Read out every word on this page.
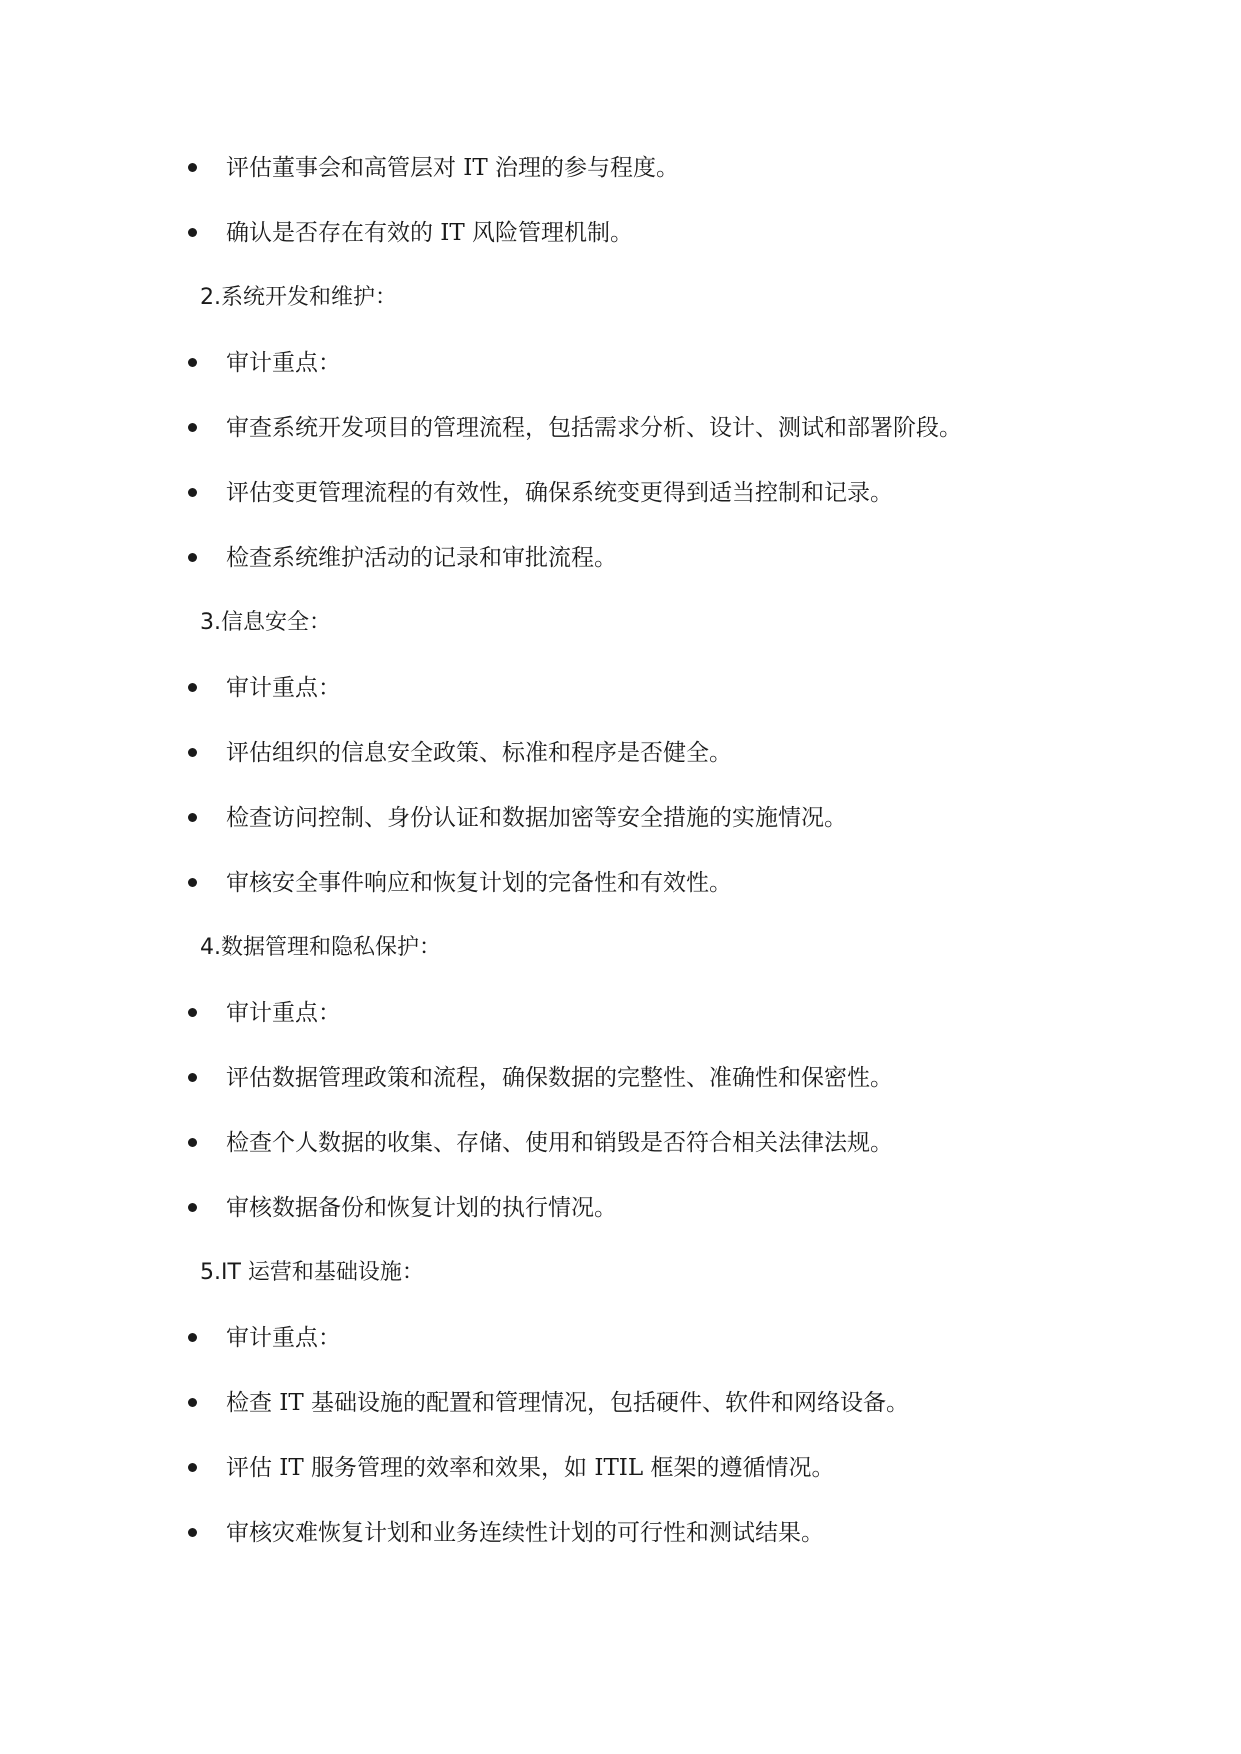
评估董事会和高管层对 IT 治理的参与程度。
确认是否存在有效的 IT 风险管理机制。
2.系统开发和维护：
审计重点：
审查系统开发项目的管理流程，包括需求分析、设计、测试和部署阶段。
评估变更管理流程的有效性，确保系统变更得到适当控制和记录。
检查系统维护活动的记录和审批流程。
3.信息安全：
审计重点：
评估组织的信息安全政策、标准和程序是否健全。
检查访问控制、身份认证和数据加密等安全措施的实施情况。
审核安全事件响应和恢复计划的完备性和有效性。
4.数据管理和隐私保护：
审计重点：
评估数据管理政策和流程，确保数据的完整性、准确性和保密性。
检查个人数据的收集、存储、使用和销毁是否符合相关法律法规。
审核数据备份和恢复计划的执行情况。
5.IT 运营和基础设施：
审计重点：
检查 IT 基础设施的配置和管理情况，包括硬件、软件和网络设备。
评估 IT 服务管理的效率和效果，如 ITIL 框架的遵循情况。
审核灾难恢复计划和业务连续性计划的可行性和测试结果。
